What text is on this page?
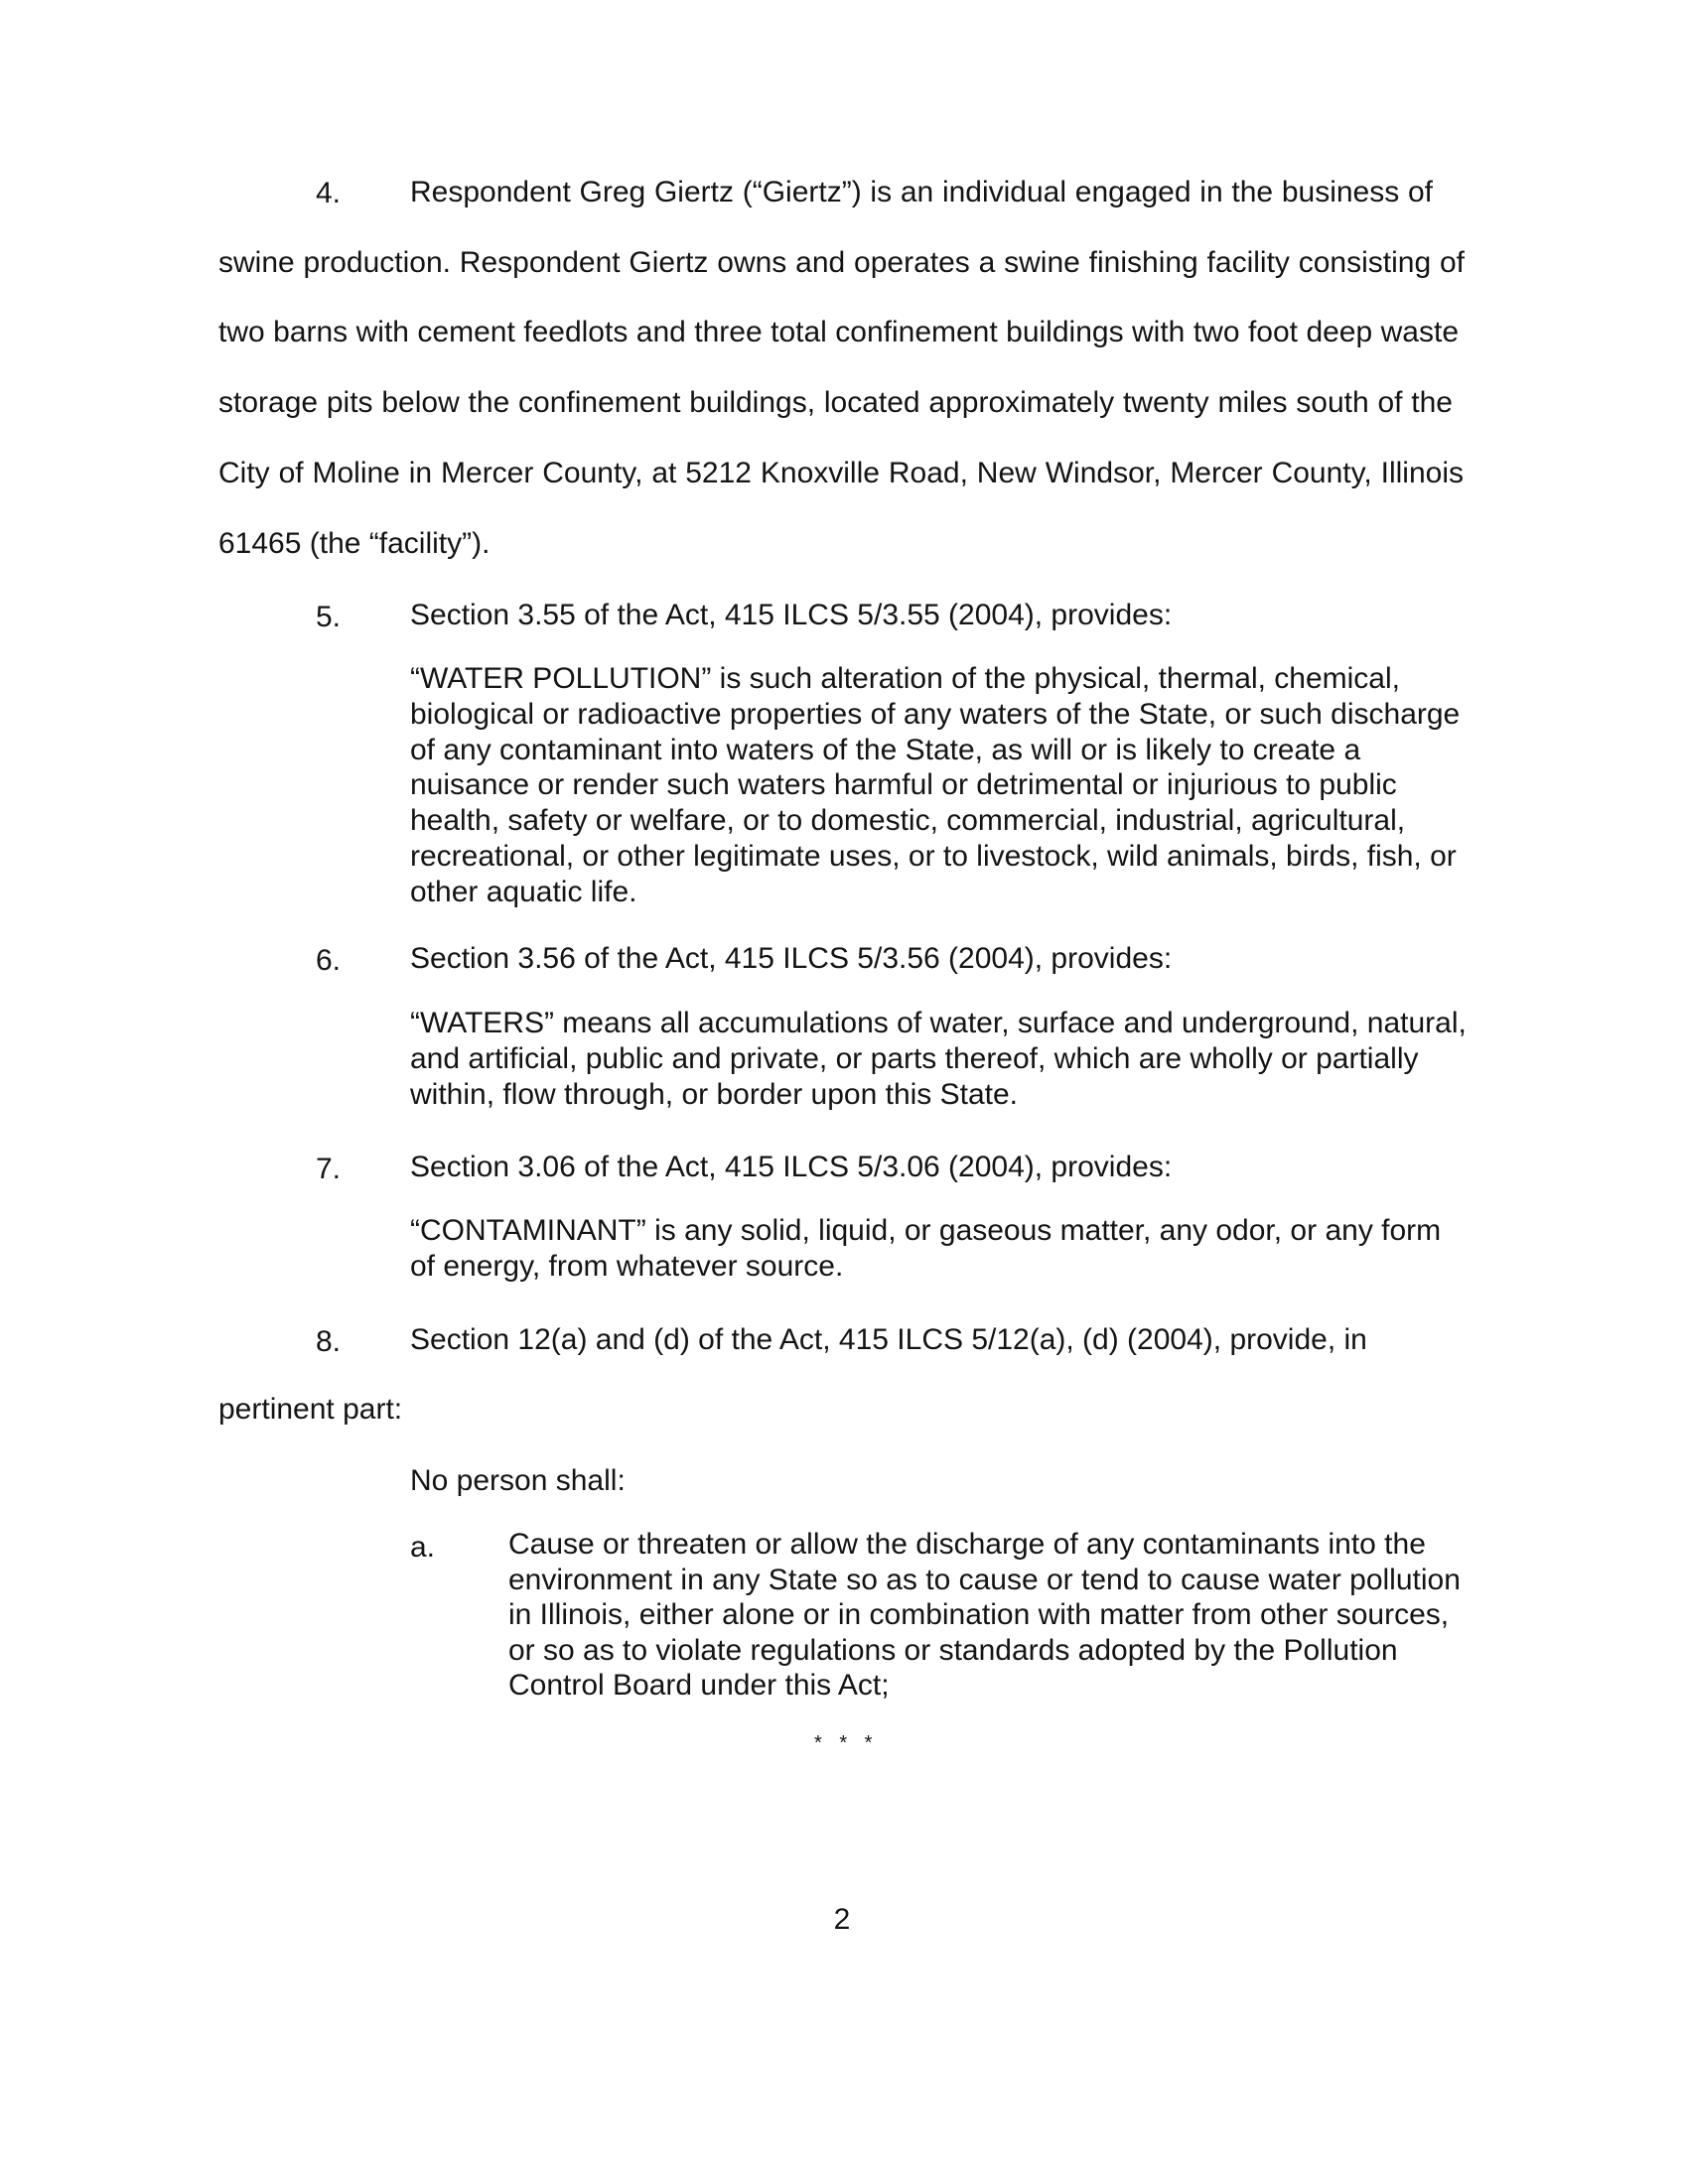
4. Respondent Greg Giertz (“Giertz”) is an individual engaged in the business of

swine production. Respondent Giertz owns and operates a swine finishing facility consisting of

two barns with cement feedlots and three total confinement buildings with two foot deep waste

storage pits below the confinement buildings, located approximately twenty miles south of the

City of Moline in Mercer County, at 5212 Knoxville Road, New Windsor, Mercer County, Illinois

61465 (the “facility”).

5. Section 3.55 of the Act, 415 ILCS 5/3.55 (2004), provides:

“WATER POLLUTION” is such alteration of the physical, thermal, chemical, biological or radioactive properties of any waters of the State, or such discharge of any contaminant into waters of the State, as will or is likely to create a nuisance or render such waters harmful or detrimental or injurious to public health, safety or welfare, or to domestic, commercial, industrial, agricultural, recreational, or other legitimate uses, or to livestock, wild animals, birds, fish, or other aquatic life.

6. Section 3.56 of the Act, 415 ILCS 5/3.56 (2004), provides:

“WATERS” means all accumulations of water, surface and underground, natural, and artificial, public and private, or parts thereof, which are wholly or partially within, flow through, or border upon this State.

7. Section 3.06 of the Act, 415 ILCS 5/3.06 (2004), provides:

“CONTAMINANT” is any solid, liquid, or gaseous matter, any odor, or any form of energy, from whatever source.

8. Section 12(a) and (d) of the Act, 415 ILCS 5/12(a), (d) (2004), provide, in

pertinent part:

No person shall:

a. Cause or threaten or allow the discharge of any contaminants into the environment in any State so as to cause or tend to cause water pollution in Illinois, either alone or in combination with matter from other sources, or so as to violate regulations or standards adopted by the Pollution Control Board under this Act;

* * *

2
